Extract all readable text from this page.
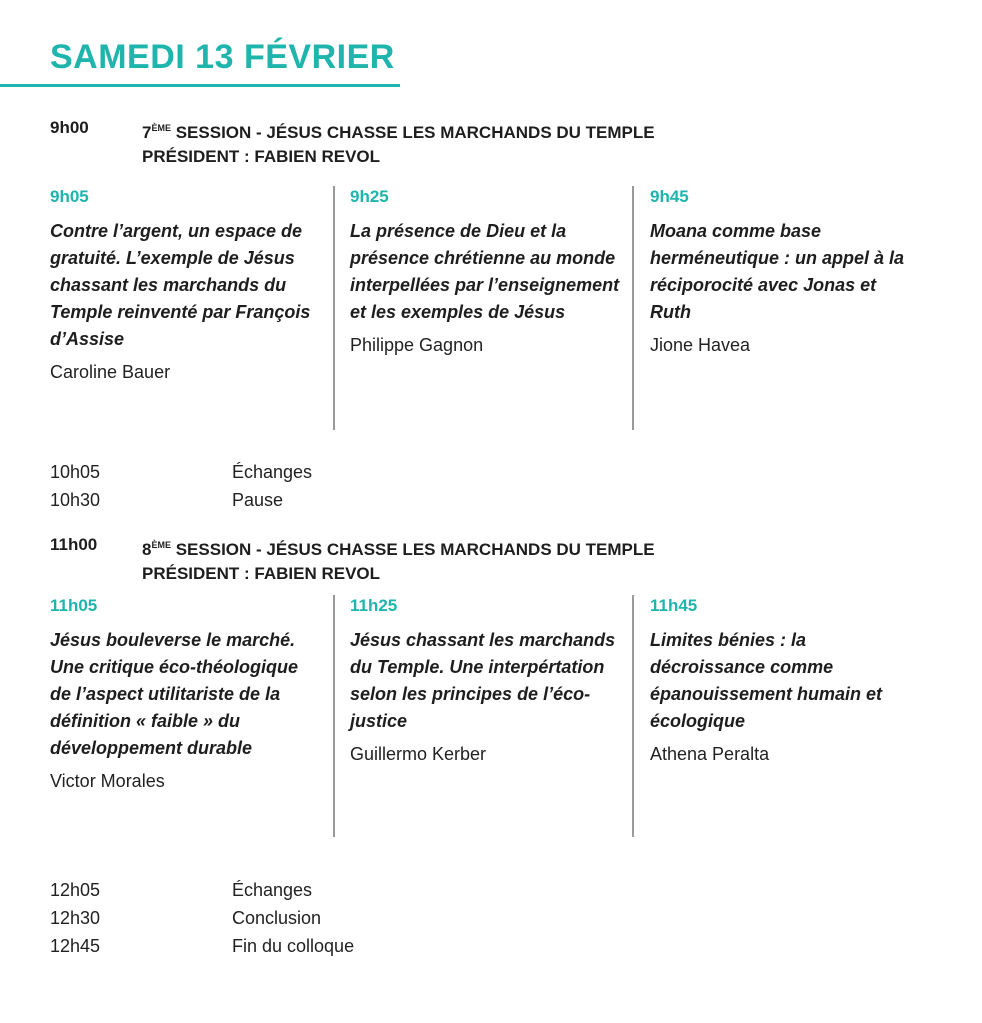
SAMEDI 13 FÉVRIER
9h00	7ÈME SESSION - JÉSUS CHASSE LES MARCHANDS DU TEMPLE
PRÉSIDENT : FABIEN REVOL
9h05
Contre l’argent, un espace de gratuité. L’exemple de Jésus chassant les marchands du Temple reinventé par François d’Assise
Caroline Bauer
9h25
La présence de Dieu et la présence chrétienne au monde interpellées par l’enseignement et les exemples de Jésus
Philippe Gagnon
9h45
Moana comme base herméneutique : un appel à la réciporocité avec Jonas et Ruth
Jione Havea
10h05	Échanges
10h30	Pause
11h00	8ÈME SESSION - JÉSUS CHASSE LES MARCHANDS DU TEMPLE
PRÉSIDENT : FABIEN REVOL
11h05
Jésus bouleverse le marché. Une critique éco-théologique de l’aspect utilitariste de la définition « faible » du développement durable
Victor Morales
11h25
Jésus chassant les marchands du Temple. Une interpértation selon les principes de l’éco-justice
Guillermo Kerber
11h45
Limites bénies : la décroissance comme épanouissement humain et écologique
Athena Peralta
12h05	Échanges
12h30	Conclusion
12h45	Fin du colloque
